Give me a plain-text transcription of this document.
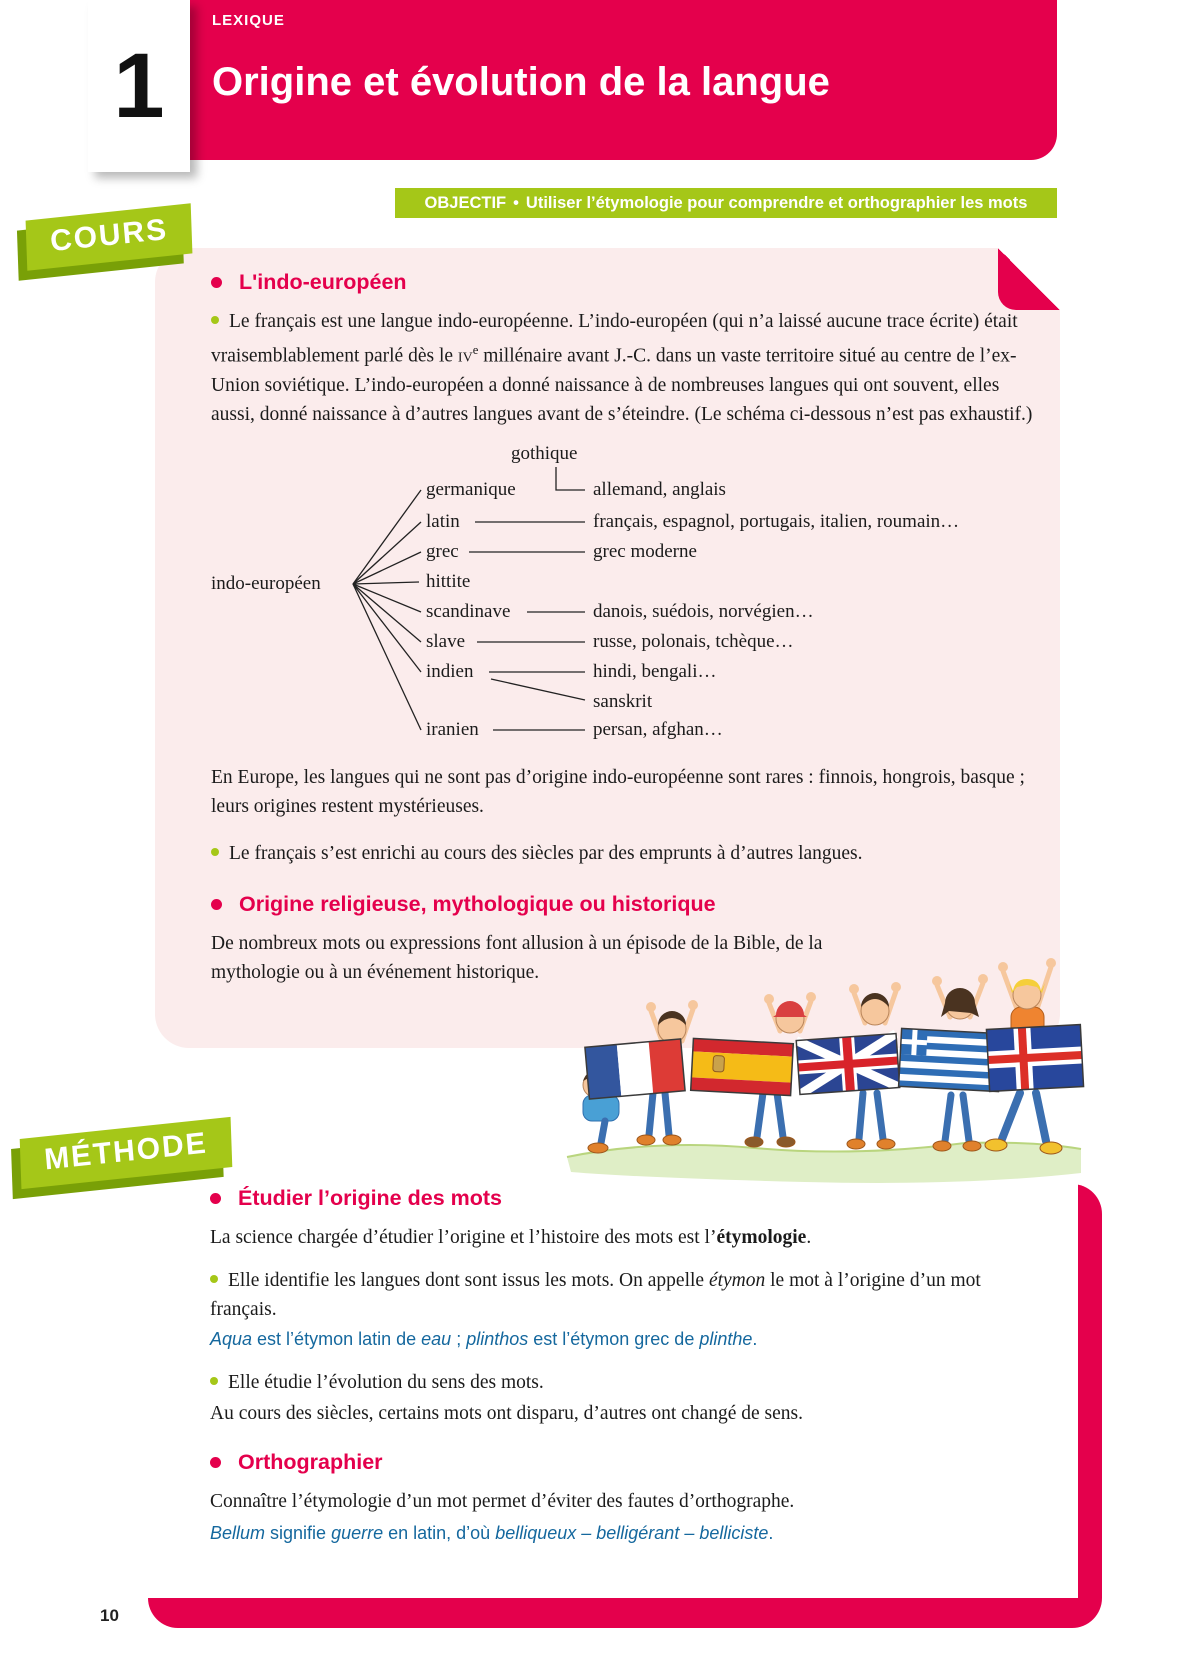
1
LEXIQUE
Origine et évolution de la langue
OBJECTIF • Utiliser l’étymologie pour comprendre et orthographier les mots
COURS
L'indo-européen

Le français est une langue indo-européenne. L’indo-européen (qui n’a laissé aucune trace écrite) était vraisemblablement parlé dès le $iv^e$ millénaire avant J.-C. dans un vaste territoire situé au centre de l’ex-Union soviétique. L’indo-européen a donné naissance à de nombreuses langues qui ont souvent, elles aussi, donné naissance à d’autres langues avant de s’éteindre. (Le schéma ci-dessous n’est pas exhaustif.)

gothique
indo-européen
germanique	allemand, anglais
latin	français, espagnol, portugais, italien, roumain…
grec	grec moderne
hittite
scandinave	danois, suédois, norvégien…
slave	russe, polonais, tchèque…
indien	hindi, bengali…
sanskrit
iranien	persan, afghan…

En Europe, les langues qui ne sont pas d’origine indo-européenne sont rares : finnois, hongrois, basque ; leurs origines restent mystérieuses.

Le français s’est enrichi au cours des siècles par des emprunts à d’autres langues.

Origine religieuse, mythologique ou historique

De nombreux mots ou expressions font allusion à un épisode de la Bible, de la mythologie ou à un événement historique.

MÉTHODE
Étudier l’origine des mots

La science chargée d’étudier l’origine et l’histoire des mots est l’étymologie.

Elle identifie les langues dont sont issus les mots. On appelle étymon le mot à l’origine d’un mot français.

Aqua est l’étymon latin de eau ; plinthos est l’étymon grec de plinthe.

Elle étudie l’évolution du sens des mots.

Au cours des siècles, certains mots ont disparu, d’autres ont changé de sens.

Orthographier

Connaître l’étymologie d’un mot permet d’éviter des fautes d’orthographe.

Bellum signifie guerre en latin, d’où belliqueux – belligérant – belliciste.

10
